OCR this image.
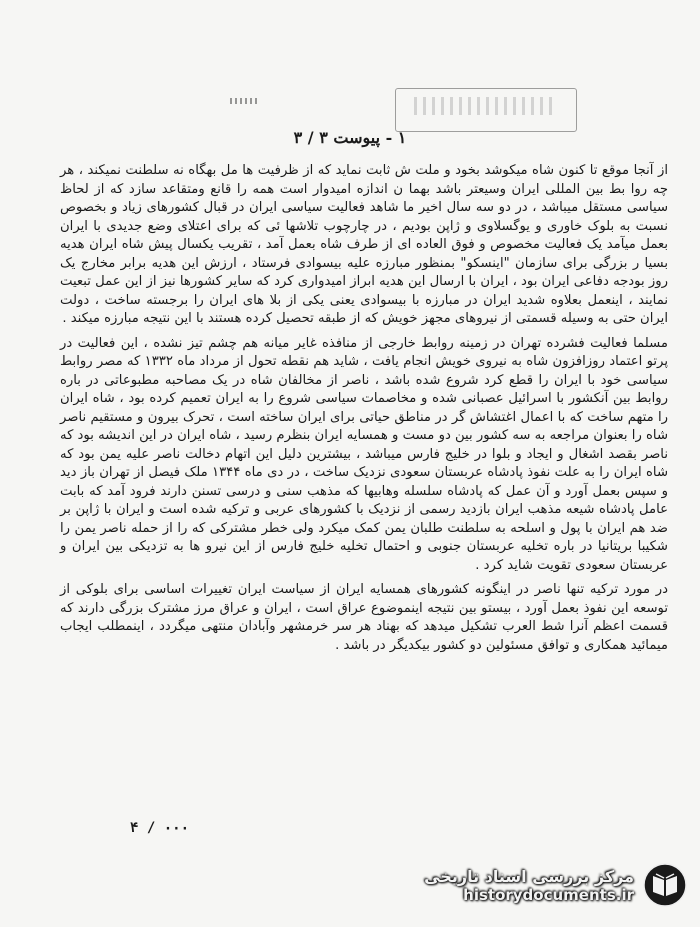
۱ - پیوست ۳ / ۳

از آنجا موقع تا کنون شاه میکوشد بخود و ملت ش ثابت نماید که از ظرفیت ها مل بهگاه نه سلطنت نمیکند ، هر چه روا بط بین المللی ایران وسیعتر باشد بهما ن اندازه امیدوار است همه را قانع ومتقاعد سازد که از لحاظ سیاسی مستقل میباشد ، در دو سه سال اخیر ما شاهد فعالیت سیاسی ایران در قبال کشورهای زیاد و بخصوص نسبت به بلوک خاوری و یوگسلاوی و ژاپن بودیم ، در چارچوب تلاشها ئی که برای اعتلای وضع جدیدی با ایران بعمل میآمد یک فعالیت مخصوص و فوق العاده ای از طرف شاه بعمل آمد ، تقریب یکسال پیش شاه ایران هدیه بسیا ر بزرگی برای سازمان "اینسکو" بمنظور مبارزه علیه بیسوادی فرستاد ، ارزش این هدیه برابر مخارج یک روز بودجه دفاعی ایران بود ، ایران با ارسال این هدیه ابراز امیدواری کرد که سایر کشورها نیز از این عمل تبعیت نمایند ، اینعمل بعلاوه شدید ایران در مبارزه با بیسوادی یعنی یکی از بلا های ایران را برجسته ساخت ، دولت ایران حتی به وسیله قسمتی از نیروهای مجهز خویش که از طبقه تحصیل کرده هستند با این نتیجه مبارزه میکند .

مسلما فعالیت فشرده تهران در زمینه روابط خارجی از منافذه غایر میانه هم چشم تیز نشده ، این فعالیت در پرتو اعتماد روزافزون شاه به نیروی خویش انجام یافت ، شاید هم نقطه تحول از مرداد ماه ۱۳۳۲ که مصر روابط سیاسی خود با ایران را قطع کرد شروع شده باشد ، ناصر از مخالفان شاه در یک مصاحبه مطبوعاتی در باره روابط بین آنکشور با اسرائیل عصبانی شده و مخاصمات سیاسی شروع را به ایران تعمیم کرده بود ، شاه ایران را متهم ساخت که با اعمال اغتشاش گر در مناطق حیاتی برای ایران ساخته است ، تحرک بیرون و مستقیم ناصر شاه را بعنوان مراجعه به سه کشور بین دو مست و همسایه ایران بنظرم رسید ، شاه ایران در این اندیشه بود که ناصر بقصد اشغال و ایجاد و بلوا در خلیج فارس میباشد ، بیشترین دلیل این اتهام دخالت ناصر علیه یمن بود که شاه ایران را به علت نفوذ پادشاه عربستان سعودی نزدیک ساخت ، در دی ماه ۱۳۴۴ ملک فیصل از تهران باز دید و سپس بعمل آورد و آن عمل که پادشاه سلسله وهابیها که مذهب سنی و درسی تسنن دارند فرود آمد که بابت عامل پادشاه شیعه مذهب ایران بازدید رسمی از نزدیک با کشورهای عربی و ترکیه شده است و ایران با ژاپن بر ضد هم ایران با پول و اسلحه به سلطنت طلبان یمن کمک میکرد ولی خطر مشترکی که را از حمله ناصر یمن را شکیبا بریتانیا در باره تخلیه عربستان جنوبی و احتمال تخلیه خلیج فارس از این نیرو ها به تزدیکی بین ایران و عربستان سعودی تقویت شاید کرد .

در مورد ترکیه تنها ناصر در اینگونه کشورهای همسایه ایران از سیاست ایران تغییرات اساسی برای بلوکی از توسعه این نفوذ بعمل آورد ، بیستو بین نتیجه اینموضوع عراق است ، ایران و عراق مرز مشترک بزرگی دارند که قسمت اعظم آنرا شط العرب تشکیل میدهد که بهناد هر سر خرمشهر وآبادان منتهی میگردد ، اینمطلب ایجاب میمائید همکاری و توافق مسئولین دو کشور بیکدیگر در باشد .

۴ / ۰۰۰
مرکز بررسی اسناد تاریخی
historydocuments.ir
